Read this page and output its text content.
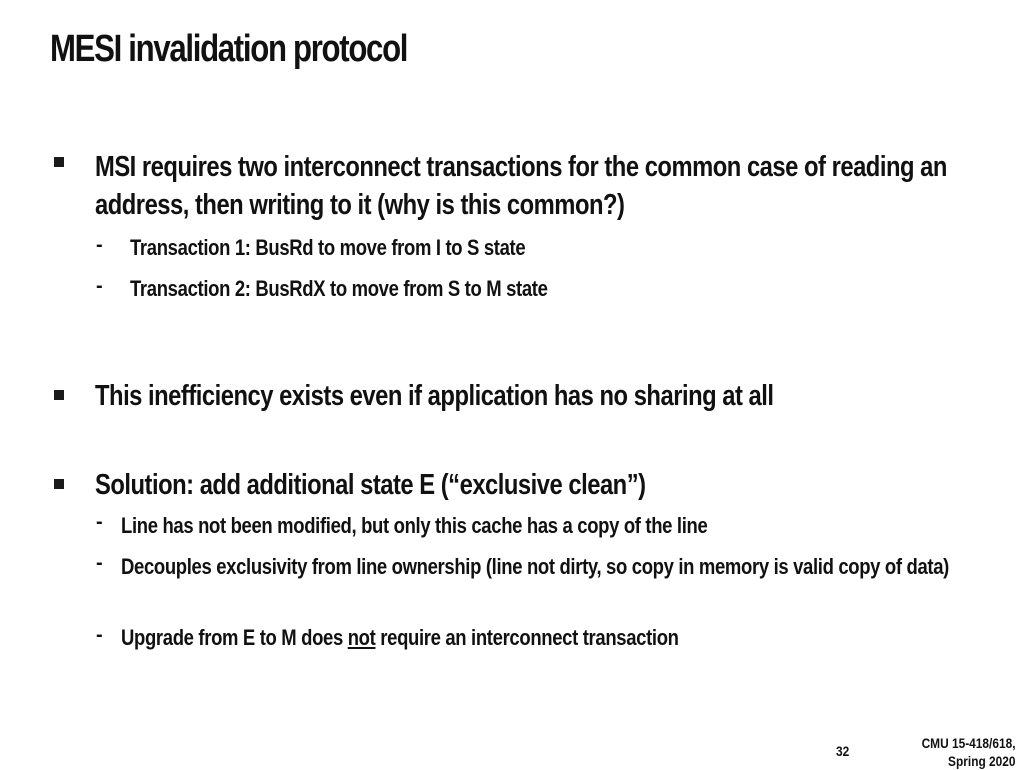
MESI invalidation protocol
MSI requires two interconnect transactions for the common case of reading an address, then writing to it (why is this common?)
- Transaction 1: BusRd to move from I to S state
- Transaction 2: BusRdX to move from S to M state
This inefficiency exists even if application has no sharing at all
Solution: add additional state E (“exclusive clean”)
- Line has not been modified, but only this cache has a copy of the line
- Decouples exclusivity from line ownership (line not dirty, so copy in memory is valid copy of data)
- Upgrade from E to M does not require an interconnect transaction
32	CMU 15-418/618,
Spring 2020
